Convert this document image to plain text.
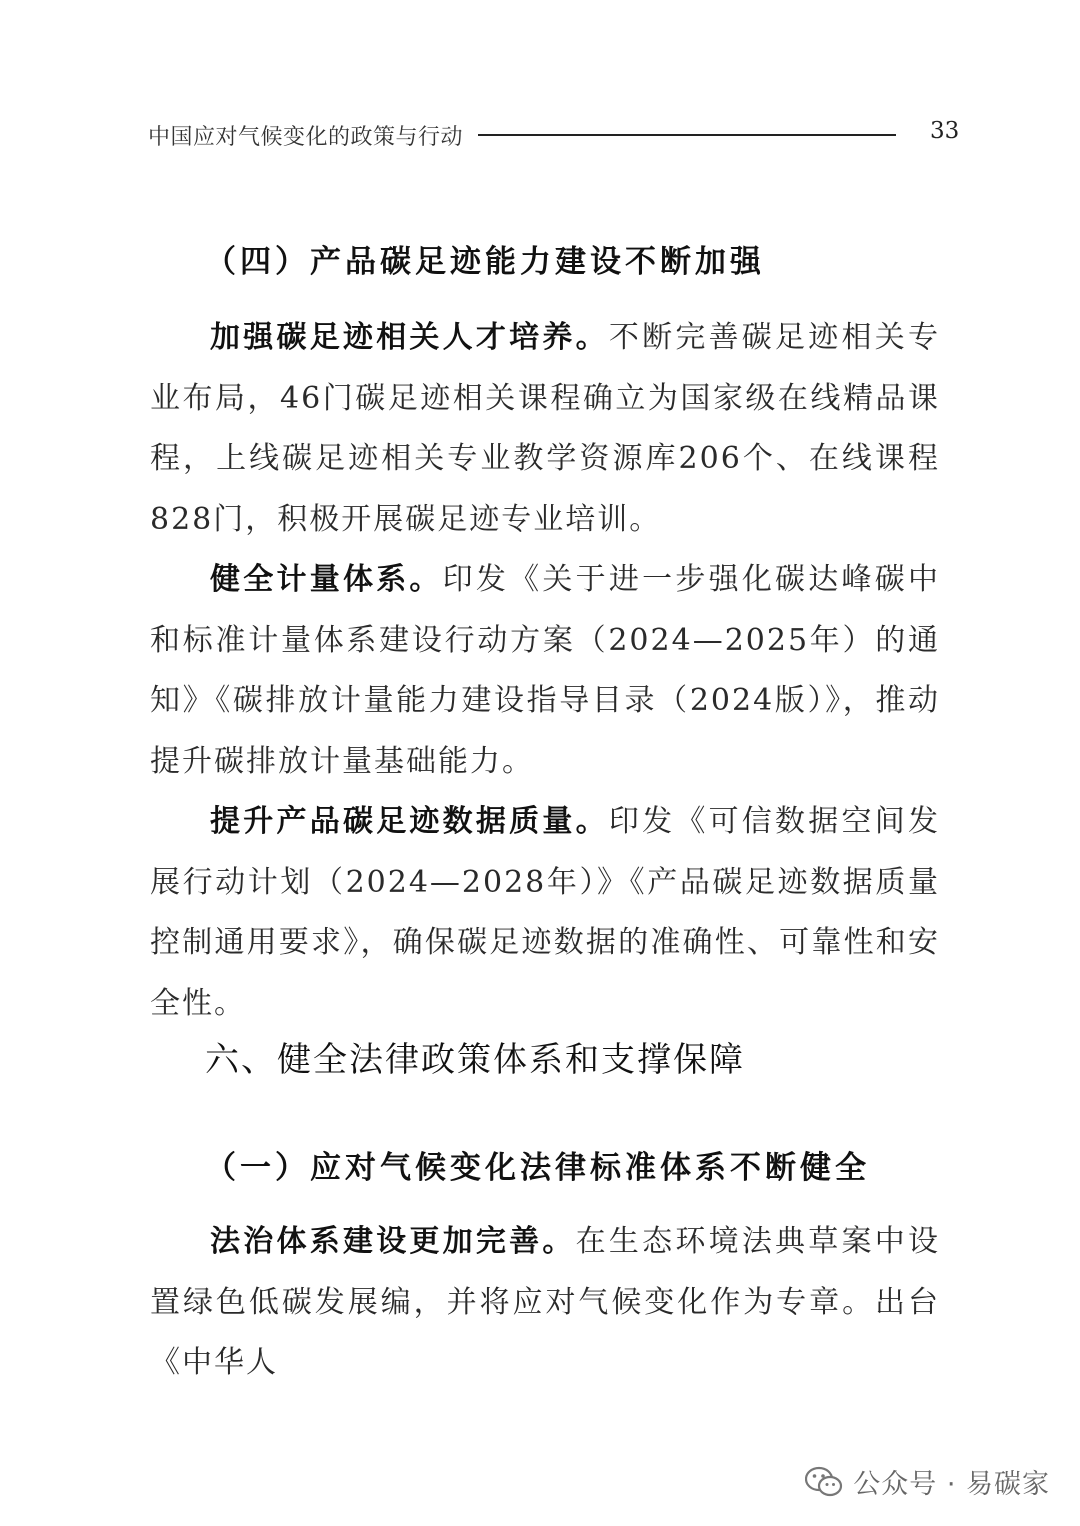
中国应对气候变化的政策与行动	33
（四）产品碳足迹能力建设不断加强

加强碳足迹相关人才培养。不断完善碳足迹相关专业布局，46门碳足迹相关课程确立为国家级在线精品课程，上线碳足迹相关专业教学资源库206个、在线课程828门，积极开展碳足迹专业培训。

健全计量体系。印发《关于进一步强化碳达峰碳中和标准计量体系建设行动方案（2024—2025年）的通知》《碳排放计量能力建设指导目录（2024版）》，推动提升碳排放计量基础能力。

提升产品碳足迹数据质量。印发《可信数据空间发展行动计划（2024—2028年）》《产品碳足迹数据质量控制通用要求》，确保碳足迹数据的准确性、可靠性和安全性。

六、健全法律政策体系和支撑保障
（一）应对气候变化法律标准体系不断健全

法治体系建设更加完善。在生态环境法典草案中设置绿色低碳发展编，并将应对气候变化作为专章。出台《中华人

公众号 · 易碳家
